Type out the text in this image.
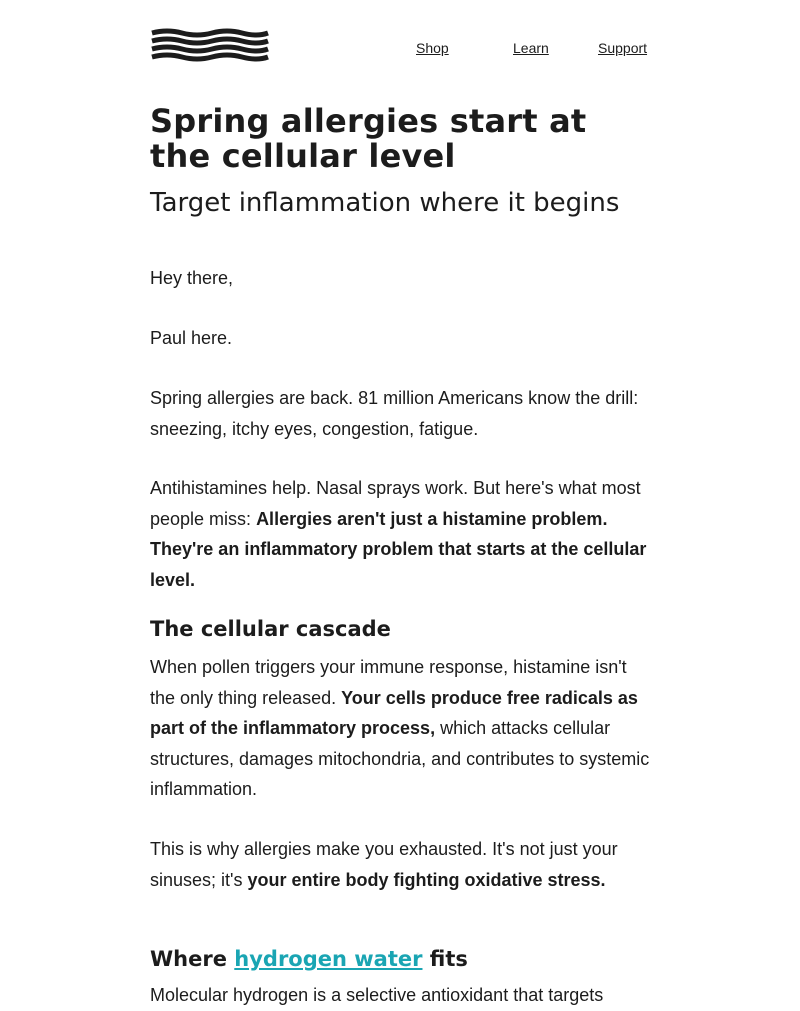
Shop	Learn	Support
Spring allergies start at the cellular level
Target inflammation where it begins

Hey there,

Paul here.

Spring allergies are back. 81 million Americans know the drill: sneezing, itchy eyes, congestion, fatigue.

Antihistamines help. Nasal sprays work. But here's what most people miss: Allergies aren't just a histamine problem. They're an inflammatory problem that starts at the cellular level.

The cellular cascade

When pollen triggers your immune response, histamine isn't the only thing released. Your cells produce free radicals as part of the inflammatory process, which attacks cellular structures, damages mitochondria, and contributes to systemic inflammation.

This is why allergies make you exhausted. It's not just your sinuses; it's your entire body fighting oxidative stress.

Where hydrogen water fits

Molecular hydrogen is a selective antioxidant that targets
